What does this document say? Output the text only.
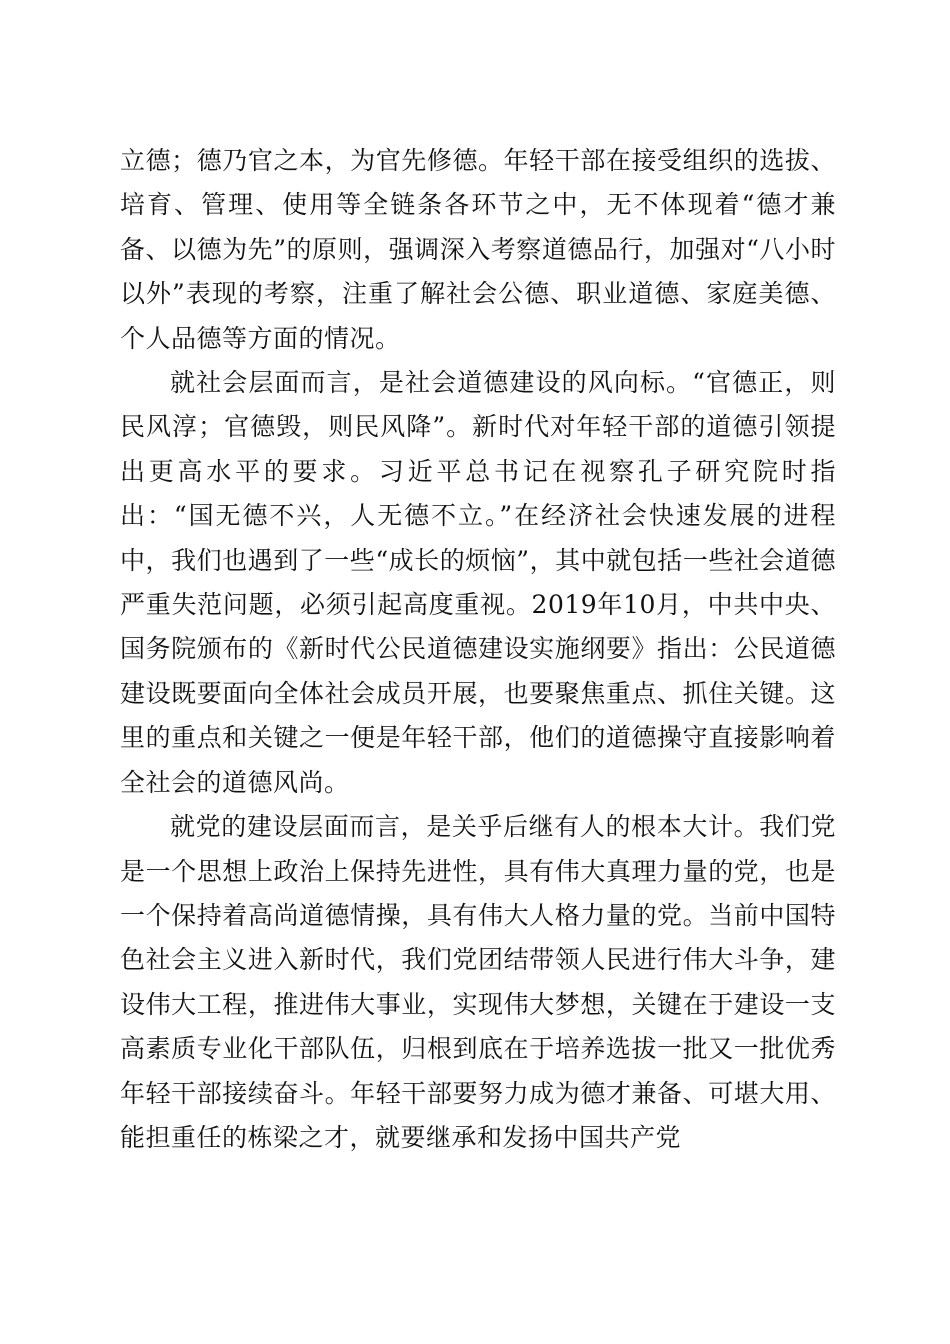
立德；德乃官之本，为官先修德。年轻干部在接受组织的选拔、培育、管理、使用等全链条各环节之中，无不体现着“德才兼备、以德为先”的原则，强调深入考察道德品行，加强对“八小时以外”表现的考察，注重了解社会公德、职业道德、家庭美德、个人品德等方面的情况。

就社会层面而言，是社会道德建设的风向标。“官德正，则民风淳；官德毁，则民风降”。新时代对年轻干部的道德引领提出更高水平的要求。习近平总书记在视察孔子研究院时指出：“国无德不兴，人无德不立。”在经济社会快速发展的进程中，我们也遇到了一些“成长的烦恼”，其中就包括一些社会道德严重失范问题，必须引起高度重视。2019年10月，中共中央、国务院颁布的《新时代公民道德建设实施纲要》指出：公民道德建设既要面向全体社会成员开展，也要聚焦重点、抓住关键。这里的重点和关键之一便是年轻干部，他们的道德操守直接影响着全社会的道德风尚。

就党的建设层面而言，是关乎后继有人的根本大计。我们党是一个思想上政治上保持先进性，具有伟大真理力量的党，也是一个保持着高尚道德情操，具有伟大人格力量的党。当前中国特色社会主义进入新时代，我们党团结带领人民进行伟大斗争，建设伟大工程，推进伟大事业，实现伟大梦想，关键在于建设一支高素质专业化干部队伍，归根到底在于培养选拔一批又一批优秀年轻干部接续奋斗。年轻干部要努力成为德才兼备、可堪大用、能担重任的栋梁之才，就要继承和发扬中国共产党
